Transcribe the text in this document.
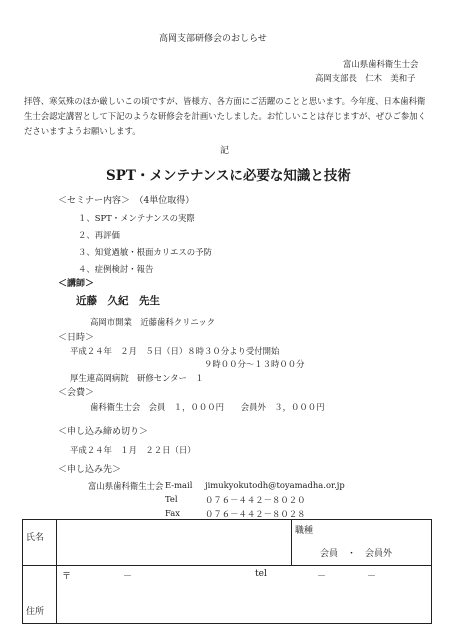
高岡支部研修会のおしらせ
富山県歯科衛生士会
高岡支部長　仁木　美和子
拝啓、寒気殊のほか厳しいこの頃ですが、皆様方、各方面にご活躍のことと思います。今年度、日本歯科衛生士会認定講習として下記のような研修会を計画いたしました。お忙しいことは存じますが、ぜひご参加くださいますようお願いします。
記
SPT・メンテナンスに必要な知識と技術
＜セミナー内容＞　（4単位取得）
１、SPT・メンテナンスの実際
２、再評価
３、知覚過敏・根面カリエスの予防
４、症例検討・報告
＜講師＞
近藤　久紀　先生
高岡市開業　近藤歯科クリニック
＜日時＞
平成２４年　２月　５日（日）８時３０分より受付開始
９時００分～１３時００分
厚生連高岡病院　研修センター　１
＜会費＞
歯科衛生士会　会員　１，０００円　　会員外　３，０００円
＜申し込み締め切り＞
平成２４年　１月　２２日（日）
＜申し込み先＞
富山県歯科衛生士会 E-mail jimukyokutodh@toyamadha.or.jp
Tel	０７６－４４２－８０２０
Fax	０７６－４４２－８０２８
氏名		職種
会員　・　会員外

住所	〒 － tel － －	
